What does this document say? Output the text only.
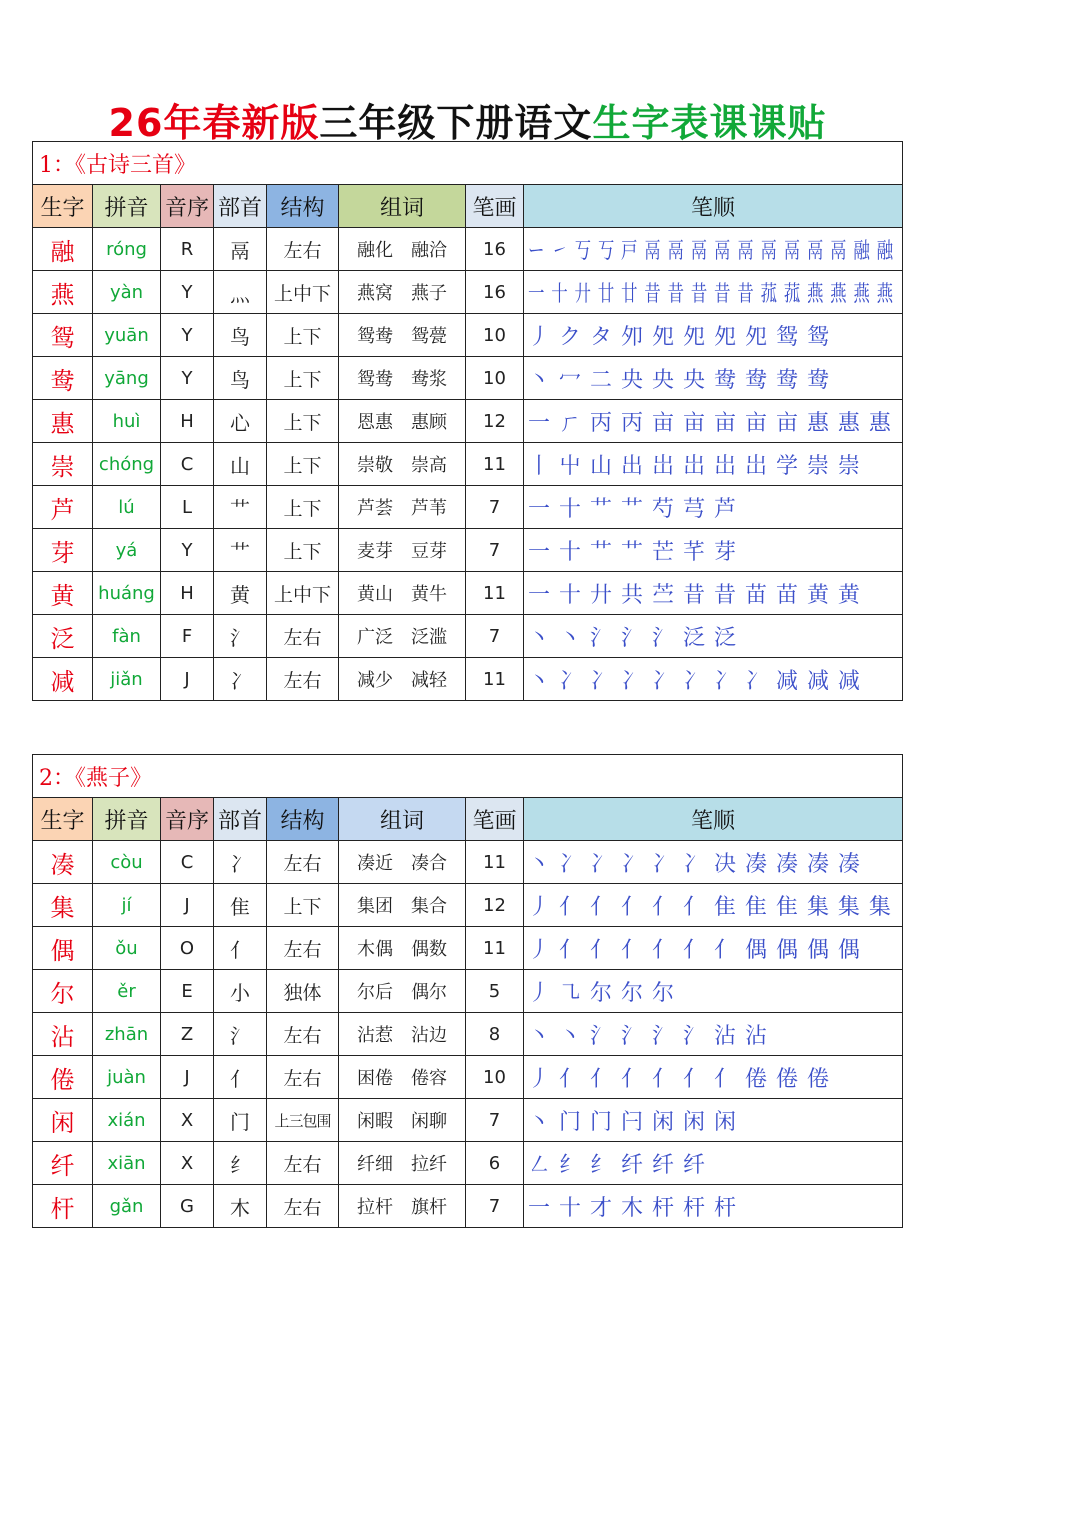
26年春新版三年级下册语文生字表课课贴
1：《古诗三首》							
生字	拼音	音序	部首	结构	组词	笔画	笔顺
融	róng	R	鬲	左右	融化 融洽	16	ー ㇀ 丂 丂 戸 鬲 鬲 鬲 鬲 鬲 鬲 鬲 鬲 鬲 融 融
燕	yàn	Y	灬	上中下	燕窝 燕子	16	一 十 廾 廿 廿 昔 昔 昔 昔 昔 菰 菰 燕 燕 燕 燕
鸳	yuān	Y	鸟	上下	鸳鸯 鸳甍	10	丿 ク タ 夘 夗 夗 夗 夗 鸳 鸳
鸯	yāng	Y	鸟	上下	鸳鸯 鸯浆	10	丶 冖 二 央 央 央 鸯 鸯 鸯 鸯
惠	huì	H	心	上下	恩惠 惠顾	12	一 ㄏ 丙 丙 亩 亩 亩 亩 亩 惠 惠 惠
崇	chóng	C	山	上下	崇敬 崇高	11	丨 屮 山 出 岀 岀 岀 岀 学 崇 崇
芦	lú	L	艹	上下	芦荟 芦苇	7	一 十 艹 艹 芍 芎 芦
芽	yá	Y	艹	上下	麦芽 豆芽	7	一 十 艹 艹 芒 芊 芽
黄	huáng	H	黄	上中下	黄山 黄牛	11	一 十 廾 共 苎 昔 昔 苗 苗 黄 黄
泛	fàn	F	氵	左右	广泛 泛滥	7	丶 丶 氵 氵 氵 泛 泛
减	jiǎn	J	冫	左右	减少 减轻	11	丶 冫 冫 冫 冫 冫 冫 冫 减 减 减
2：《燕子》							
生字	拼音	音序	部首	结构	组词	笔画	笔顺
凑	còu	C	冫	左右	凑近 凑合	11	丶 冫 冫 冫 冫 冫 决 凑 凑 凑 凑
集	jí	J	隹	上下	集团 集合	12	丿 亻 亻 亻 亻 亻 隹 隹 隹 集 集 集
偶	ǒu	O	亻	左右	木偶 偶数	11	丿 亻 亻 亻 亻 亻 亻 偶 偶 偶 偶
尔	ěr	E	小	独体	尔后 偶尔	5	丿 ㇈ 尔 尔 尔
沾	zhān	Z	氵	左右	沾惹 沾边	8	丶 丶 氵 氵 氵 氵 沾 沾
倦	juàn	J	亻	左右	困倦 倦容	10	丿 亻 亻 亻 亻 亻 亻 倦 倦 倦
闲	xián	X	门	上三包围	闲暇 闲聊	7	丶 门 门 闩 闲 闲 闲
纤	xiān	X	纟	左右	纤细 拉纤	6	㇜ 纟 纟 纤 纤 纤
杆	gǎn	G	木	左右	拉杆 旗杆	7	一 十 才 木 杆 杆 杆
